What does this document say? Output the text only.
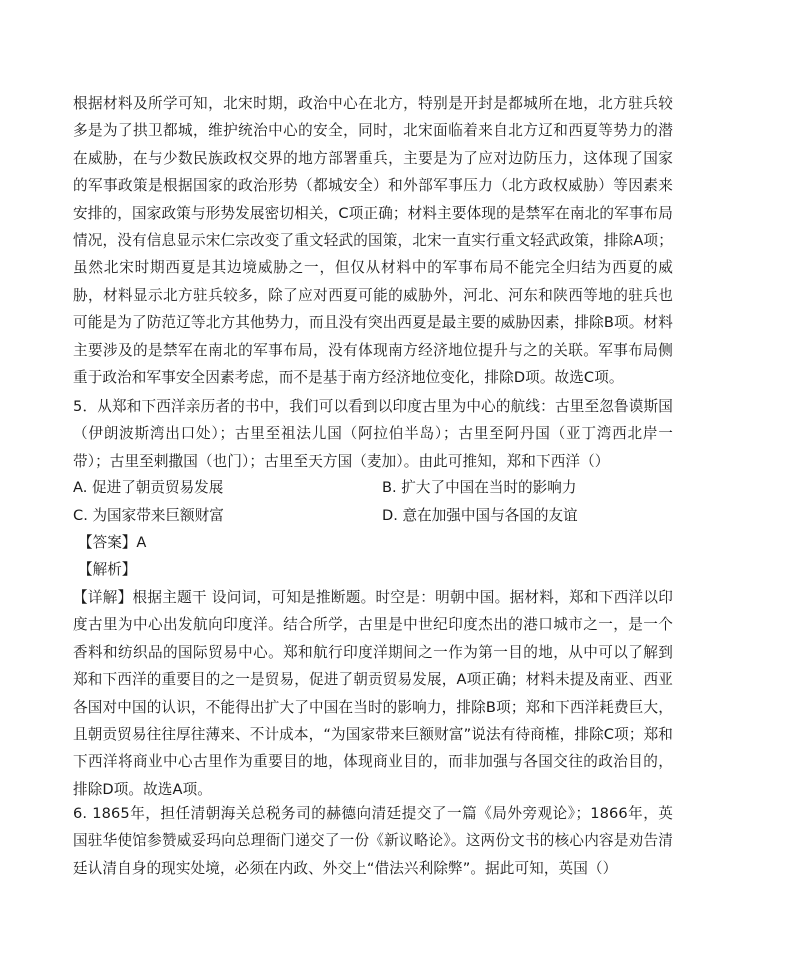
根据材料及所学可知，北宋时期，政治中心在北方，特别是开封是都城所在地，北方驻兵较多是为了拱卫都城，维护统治中心的安全，同时，北宋面临着来自北方辽和西夏等势力的潜在威胁，在与少数民族政权交界的地方部署重兵，主要是为了应对边防压力，这体现了国家的军事政策是根据国家的政治形势（都城安全）和外部军事压力（北方政权威胁）等因素来安排的，国家政策与形势发展密切相关，C项正确；材料主要体现的是禁军在南北的军事布局情况，没有信息显示宋仁宗改变了重文轻武的国策，北宋一直实行重文轻武政策，排除A项；虽然北宋时期西夏是其边境威胁之一，但仅从材料中的军事布局不能完全归结为西夏的威胁，材料显示北方驻兵较多，除了应对西夏可能的威胁外，河北、河东和陕西等地的驻兵也可能是为了防范辽等北方其他势力，而且没有突出西夏是最主要的威胁因素，排除B项。材料主要涉及的是禁军在南北的军事布局，没有体现南方经济地位提升与之的关联。军事布局侧重于政治和军事安全因素考虑，而不是基于南方经济地位变化，排除D项。故选C项。

5．从郑和下西洋亲历者的书中，我们可以看到以印度古里为中心的航线：古里至忽鲁谟斯国（伊朗波斯湾出口处）；古里至祖法儿国（阿拉伯半岛）；古里至阿丹国（亚丁湾西北岸一带）；古里至剌撒国（也门）；古里至天方国（麦加）。由此可推知，郑和下西洋（）

A. 促进了朝贡贸易发展	B. 扩大了中国在当时的影响力
C. 为国家带来巨额财富	D. 意在加强中国与各国的友谊
【答案】A
【解析】

【详解】根据主题干 设问词，可知是推断题。时空是：明朝中国。据材料，郑和下西洋以印度古里为中心出发航向印度洋。结合所学，古里是中世纪印度杰出的港口城市之一，是一个香料和纺织品的国际贸易中心。郑和航行印度洋期间之一作为第一目的地，从中可以了解到郑和下西洋的重要目的之一是贸易，促进了朝贡贸易发展，A项正确；材料未提及南亚、西亚各国对中国的认识，不能得出扩大了中国在当时的影响力，排除B项；郑和下西洋耗费巨大，且朝贡贸易往往厚往薄来、不计成本，“为国家带来巨额财富”说法有待商榷，排除C项；郑和下西洋将商业中心古里作为重要目的地，体现商业目的，而非加强与各国交往的政治目的，排除D项。故选A项。

6. 1865年，担任清朝海关总税务司的赫德向清廷提交了一篇《局外旁观论》；1866年，英国驻华使馆参赞威妥玛向总理衙门递交了一份《新议略论》。这两份文书的核心内容是劝告清廷认清自身的现实处境，必须在内政、外交上“借法兴利除弊”。据此可知，英国（）
